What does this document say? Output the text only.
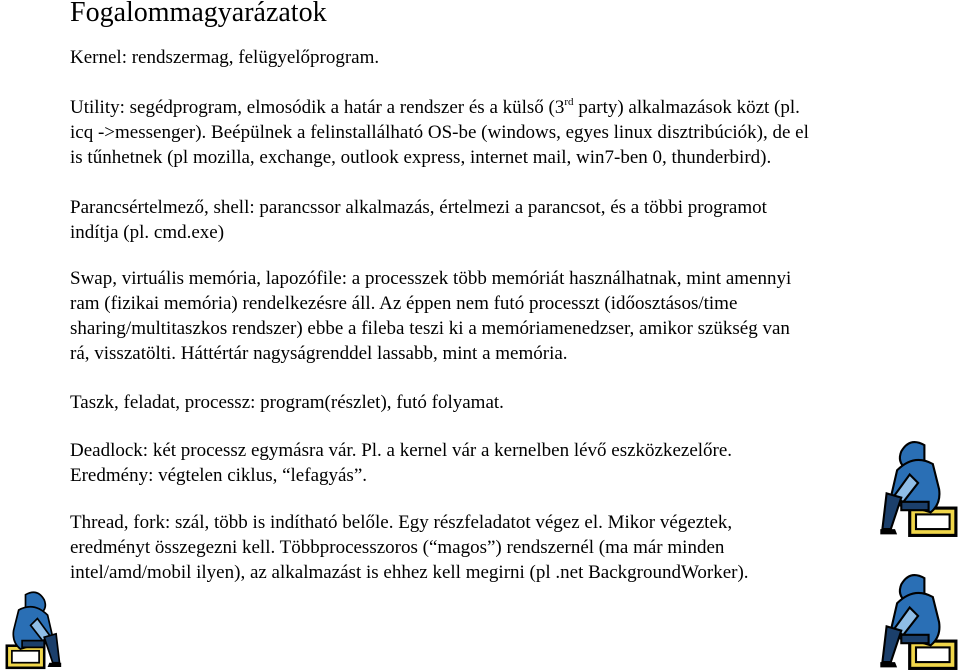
Fogalommagyarázatok
Kernel: rendszermag, felügyelőprogram.
Utility: segédprogram, elmosódik a határ a rendszer és a külső (3rd party) alkalmazások közt (pl.
icq ->messenger). Beépülnek a felinstallálható OS-be (windows, egyes linux disztribúciók), de el
is tűnhetnek (pl mozilla, exchange, outlook express, internet mail, win7-ben 0, thunderbird).
Parancsértelmező, shell: parancssor alkalmazás, értelmezi a parancsot, és a többi programot
indítja (pl. cmd.exe)
Swap, virtuális memória, lapozófile: a processzek több memóriát használhatnak, mint amennyi
ram (fizikai memória) rendelkezésre áll. Az éppen nem futó processzt (időosztásos/time
sharing/multitaszkos rendszer) ebbe a fileba teszi ki a memóriamenedzser, amikor szükség van
rá, visszatölti. Háttértár nagyságrenddel lassabb, mint a memória.
Taszk, feladat, processz: program(részlet), futó folyamat.
Deadlock: két processz egymásra vár. Pl. a kernel vár a kernelben lévő eszközkezelőre.
Eredmény: végtelen ciklus, “lefagyás”.
Thread, fork: szál, több is indítható belőle. Egy részfeladatot végez el. Mikor végeztek,
eredményt összegezni kell. Többprocesszoros (“magos”) rendszernél (ma már minden
intel/amd/mobil ilyen), az alkalmazást is ehhez kell megirni (pl .net BackgroundWorker).
